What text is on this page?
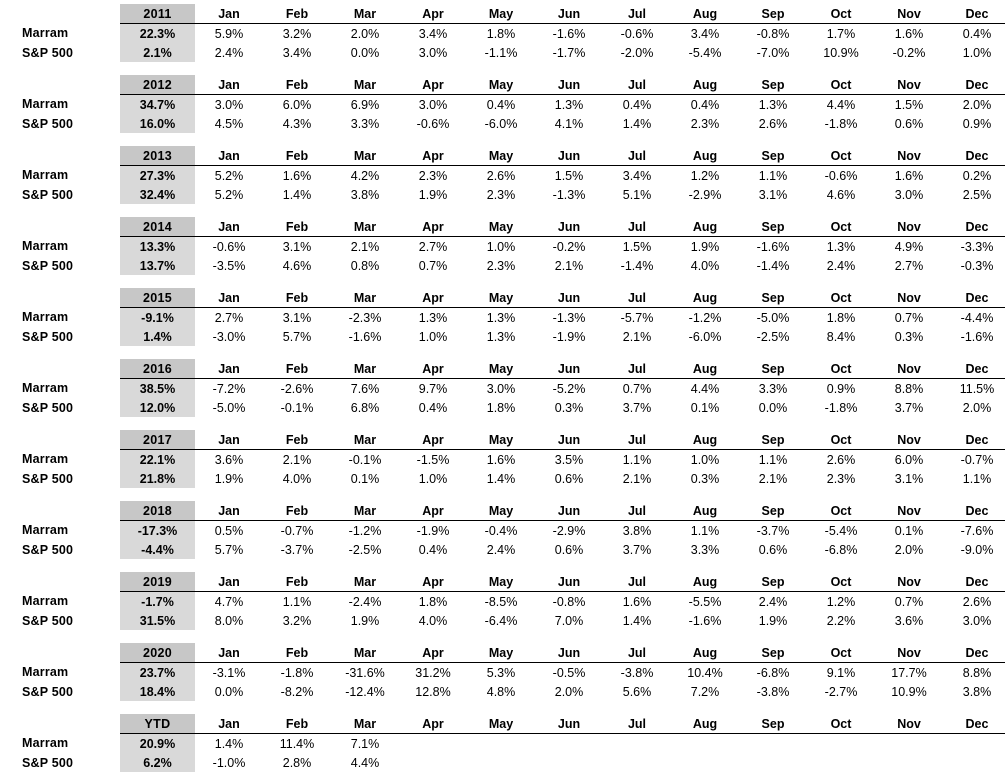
	2011	Jan	Feb	Mar	Apr	May	Jun	Jul	Aug	Sep	Oct	Nov	Dec
Marram	22.3%	5.9%	3.2%	2.0%	3.4%	1.8%	-1.6%	-0.6%	3.4%	-0.8%	1.7%	1.6%	0.4%
S&P 500	2.1%	2.4%	3.4%	0.0%	3.0%	-1.1%	-1.7%	-2.0%	-5.4%	-7.0%	10.9%	-0.2%	1.0%

	2012	Jan	Feb	Mar	Apr	May	Jun	Jul	Aug	Sep	Oct	Nov	Dec
Marram	34.7%	3.0%	6.0%	6.9%	3.0%	0.4%	1.3%	0.4%	0.4%	1.3%	4.4%	1.5%	2.0%
S&P 500	16.0%	4.5%	4.3%	3.3%	-0.6%	-6.0%	4.1%	1.4%	2.3%	2.6%	-1.8%	0.6%	0.9%

	2013	Jan	Feb	Mar	Apr	May	Jun	Jul	Aug	Sep	Oct	Nov	Dec
Marram	27.3%	5.2%	1.6%	4.2%	2.3%	2.6%	1.5%	3.4%	1.2%	1.1%	-0.6%	1.6%	0.2%
S&P 500	32.4%	5.2%	1.4%	3.8%	1.9%	2.3%	-1.3%	5.1%	-2.9%	3.1%	4.6%	3.0%	2.5%

	2014	Jan	Feb	Mar	Apr	May	Jun	Jul	Aug	Sep	Oct	Nov	Dec
Marram	13.3%	-0.6%	3.1%	2.1%	2.7%	1.0%	-0.2%	1.5%	1.9%	-1.6%	1.3%	4.9%	-3.3%
S&P 500	13.7%	-3.5%	4.6%	0.8%	0.7%	2.3%	2.1%	-1.4%	4.0%	-1.4%	2.4%	2.7%	-0.3%

	2015	Jan	Feb	Mar	Apr	May	Jun	Jul	Aug	Sep	Oct	Nov	Dec
Marram	-9.1%	2.7%	3.1%	-2.3%	1.3%	1.3%	-1.3%	-5.7%	-1.2%	-5.0%	1.8%	0.7%	-4.4%
S&P 500	1.4%	-3.0%	5.7%	-1.6%	1.0%	1.3%	-1.9%	2.1%	-6.0%	-2.5%	8.4%	0.3%	-1.6%

	2016	Jan	Feb	Mar	Apr	May	Jun	Jul	Aug	Sep	Oct	Nov	Dec
Marram	38.5%	-7.2%	-2.6%	7.6%	9.7%	3.0%	-5.2%	0.7%	4.4%	3.3%	0.9%	8.8%	11.5%
S&P 500	12.0%	-5.0%	-0.1%	6.8%	0.4%	1.8%	0.3%	3.7%	0.1%	0.0%	-1.8%	3.7%	2.0%

	2017	Jan	Feb	Mar	Apr	May	Jun	Jul	Aug	Sep	Oct	Nov	Dec
Marram	22.1%	3.6%	2.1%	-0.1%	-1.5%	1.6%	3.5%	1.1%	1.0%	1.1%	2.6%	6.0%	-0.7%
S&P 500	21.8%	1.9%	4.0%	0.1%	1.0%	1.4%	0.6%	2.1%	0.3%	2.1%	2.3%	3.1%	1.1%

	2018	Jan	Feb	Mar	Apr	May	Jun	Jul	Aug	Sep	Oct	Nov	Dec
Marram	-17.3%	0.5%	-0.7%	-1.2%	-1.9%	-0.4%	-2.9%	3.8%	1.1%	-3.7%	-5.4%	0.1%	-7.6%
S&P 500	-4.4%	5.7%	-3.7%	-2.5%	0.4%	2.4%	0.6%	3.7%	3.3%	0.6%	-6.8%	2.0%	-9.0%

	2019	Jan	Feb	Mar	Apr	May	Jun	Jul	Aug	Sep	Oct	Nov	Dec
Marram	-1.7%	4.7%	1.1%	-2.4%	1.8%	-8.5%	-0.8%	1.6%	-5.5%	2.4%	1.2%	0.7%	2.6%
S&P 500	31.5%	8.0%	3.2%	1.9%	4.0%	-6.4%	7.0%	1.4%	-1.6%	1.9%	2.2%	3.6%	3.0%

	2020	Jan	Feb	Mar	Apr	May	Jun	Jul	Aug	Sep	Oct	Nov	Dec
Marram	23.7%	-3.1%	-1.8%	-31.6%	31.2%	5.3%	-0.5%	-3.8%	10.4%	-6.8%	9.1%	17.7%	8.8%
S&P 500	18.4%	0.0%	-8.2%	-12.4%	12.8%	4.8%	2.0%	5.6%	7.2%	-3.8%	-2.7%	10.9%	3.8%

	YTD	Jan	Feb	Mar	Apr	May	Jun	Jul	Aug	Sep	Oct	Nov	Dec
Marram	20.9%	1.4%	11.4%	7.1%									
S&P 500	6.2%	-1.0%	2.8%	4.4%									
